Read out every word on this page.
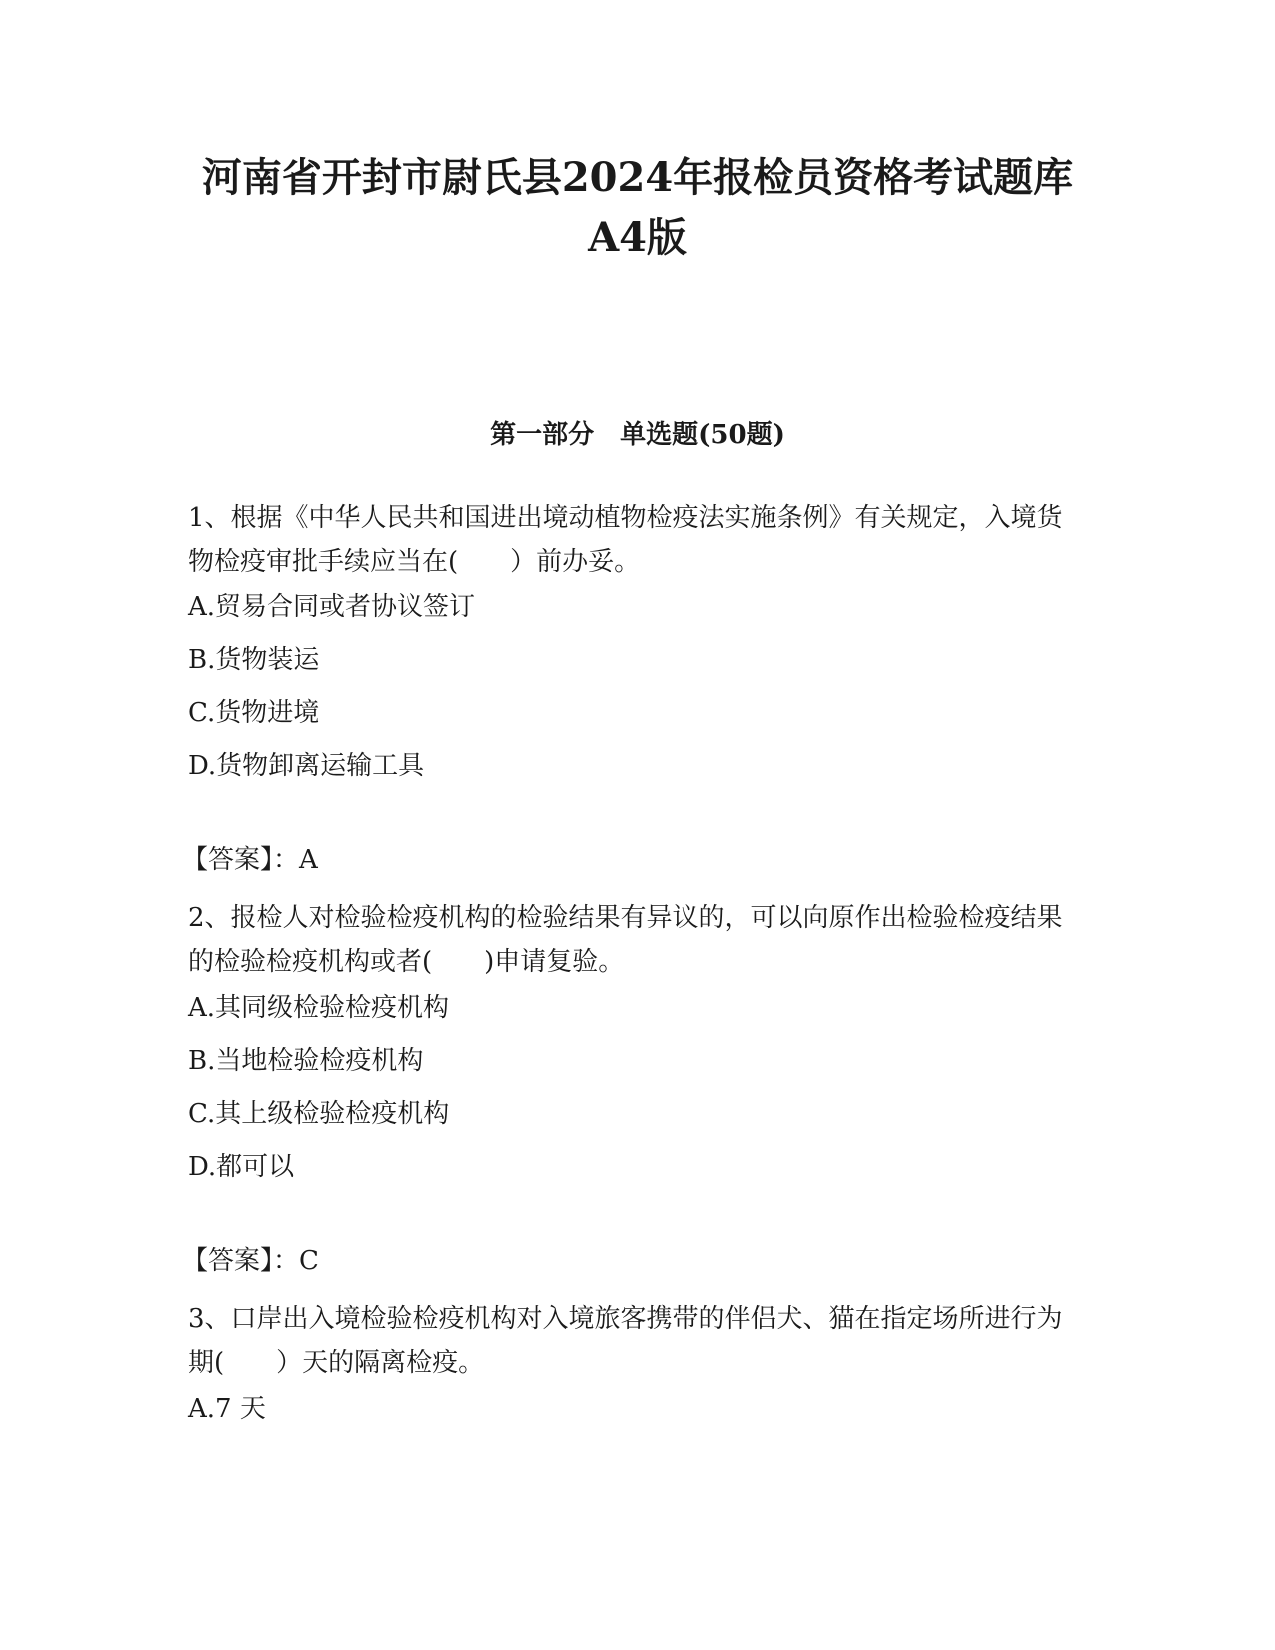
河南省开封市尉氏县2024年报检员资格考试题库
A4版
第一部分　单选题(50题)

1、根据《中华人民共和国进出境动植物检疫法实施条例》有关规定，入境货物检疫审批手续应当在(　　）前办妥。

A.贸易合同或者协议签订

B.货物装运

C.货物进境

D.货物卸离运输工具

【答案】：A

2、报检人对检验检疫机构的检验结果有异议的，可以向原作出检验检疫结果的检验检疫机构或者(　　)申请复验。

A.其同级检验检疫机构

B.当地检验检疫机构

C.其上级检验检疫机构

D.都可以

【答案】：C

3、口岸出入境检验检疫机构对入境旅客携带的伴侣犬、猫在指定场所进行为期(　　）天的隔离检疫。

A.7 天
